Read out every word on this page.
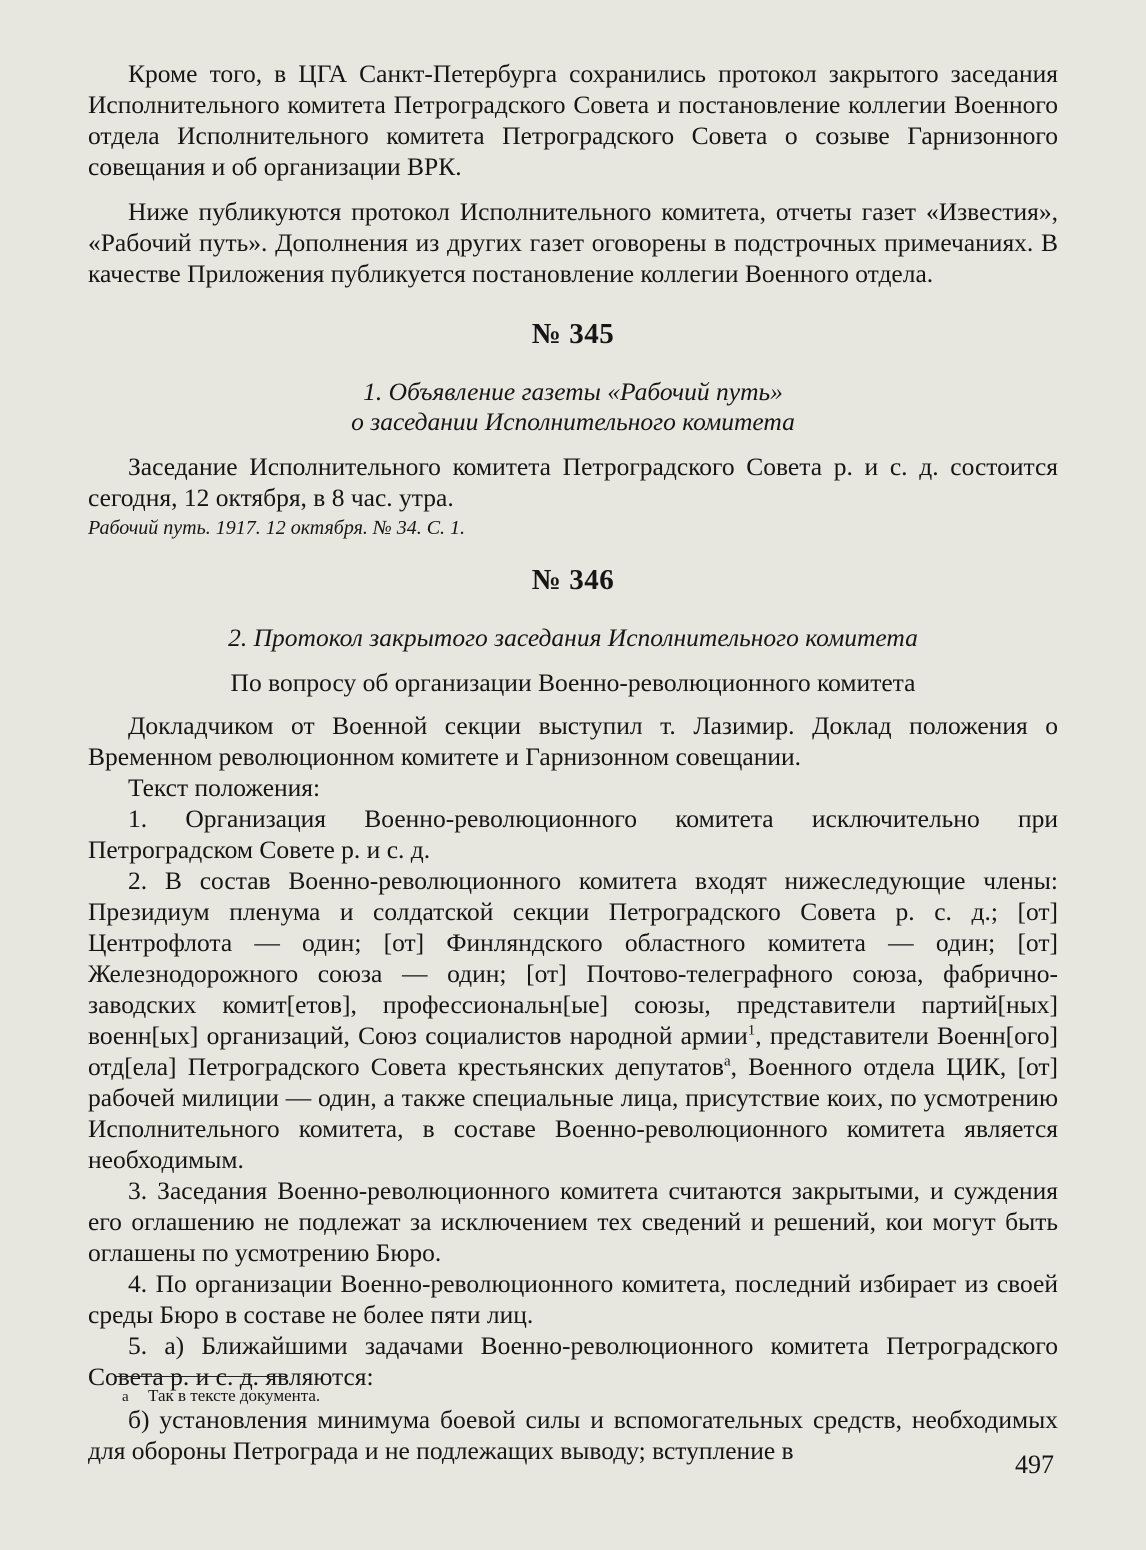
Кроме того, в ЦГА Санкт-Петербурга сохранились протокол закрытого заседания Исполнительного комитета Петроградского Совета и постановление коллегии Военного отдела Исполнительного комитета Петроградского Совета о созыве Гарнизонного совещания и об организации ВРК.

Ниже публикуются протокол Исполнительного комитета, отчеты газет «Известия», «Рабочий путь». Дополнения из других газет оговорены в подстрочных примечаниях. В качестве Приложения публикуется постановление коллегии Военного отдела.

№ 345
1. Объявление газеты «Рабочий путь»
о заседании Исполнительного комитета

Заседание Исполнительного комитета Петроградского Совета р. и с. д. состоится сегодня, 12 октября, в 8 час. утра.

Рабочий путь. 1917. 12 октября. № 34. С. 1.
№ 346
2. Протокол закрытого заседания Исполнительного комитета

По вопросу об организации Военно-революционного комитета

Докладчиком от Военной секции выступил т. Лазимир. Доклад положения о Временном революционном комитете и Гарнизонном совещании.

Текст положения:

1. Организация Военно-революционного комитета исключительно при Петроградском Совете р. и с. д.

2. В состав Военно-революционного комитета входят нижеследующие члены: Президиум пленума и солдатской секции Петроградского Совета р. с. д.; [от] Центрофлота — один; [от] Финляндского областного комитета — один; [от] Железнодорожного союза — один; [от] Почтово-телеграфного союза, фабрично-заводских комит[етов], профессиональн[ые] союзы, представители партий[ных] военн[ых] организаций, Союз социалистов народной армии$^1$, представители Военн[ого] отд[ела] Петроградского Совета крестьянских депутатов$^а$, Военного отдела ЦИК, [от] рабочей милиции — один, а также специальные лица, присутствие коих, по усмотрению Исполнительного комитета, в составе Военно-революционного комитета является необходимым.

3. Заседания Военно-революционного комитета считаются закрытыми, и суждения его оглашению не подлежат за исключением тех сведений и решений, кои могут быть оглашены по усмотрению Бюро.

4. По организации Военно-революционного комитета, последний избирает из своей среды Бюро в составе не более пяти лиц.

5. а) Ближайшими задачами Военно-революционного комитета Петроградского Совета р. и с. д. являются:

б) установления минимума боевой силы и вспомогательных средств, необходимых для обороны Петрограда и не подлежащих выводу; вступление в

а Так в тексте документа.
497
